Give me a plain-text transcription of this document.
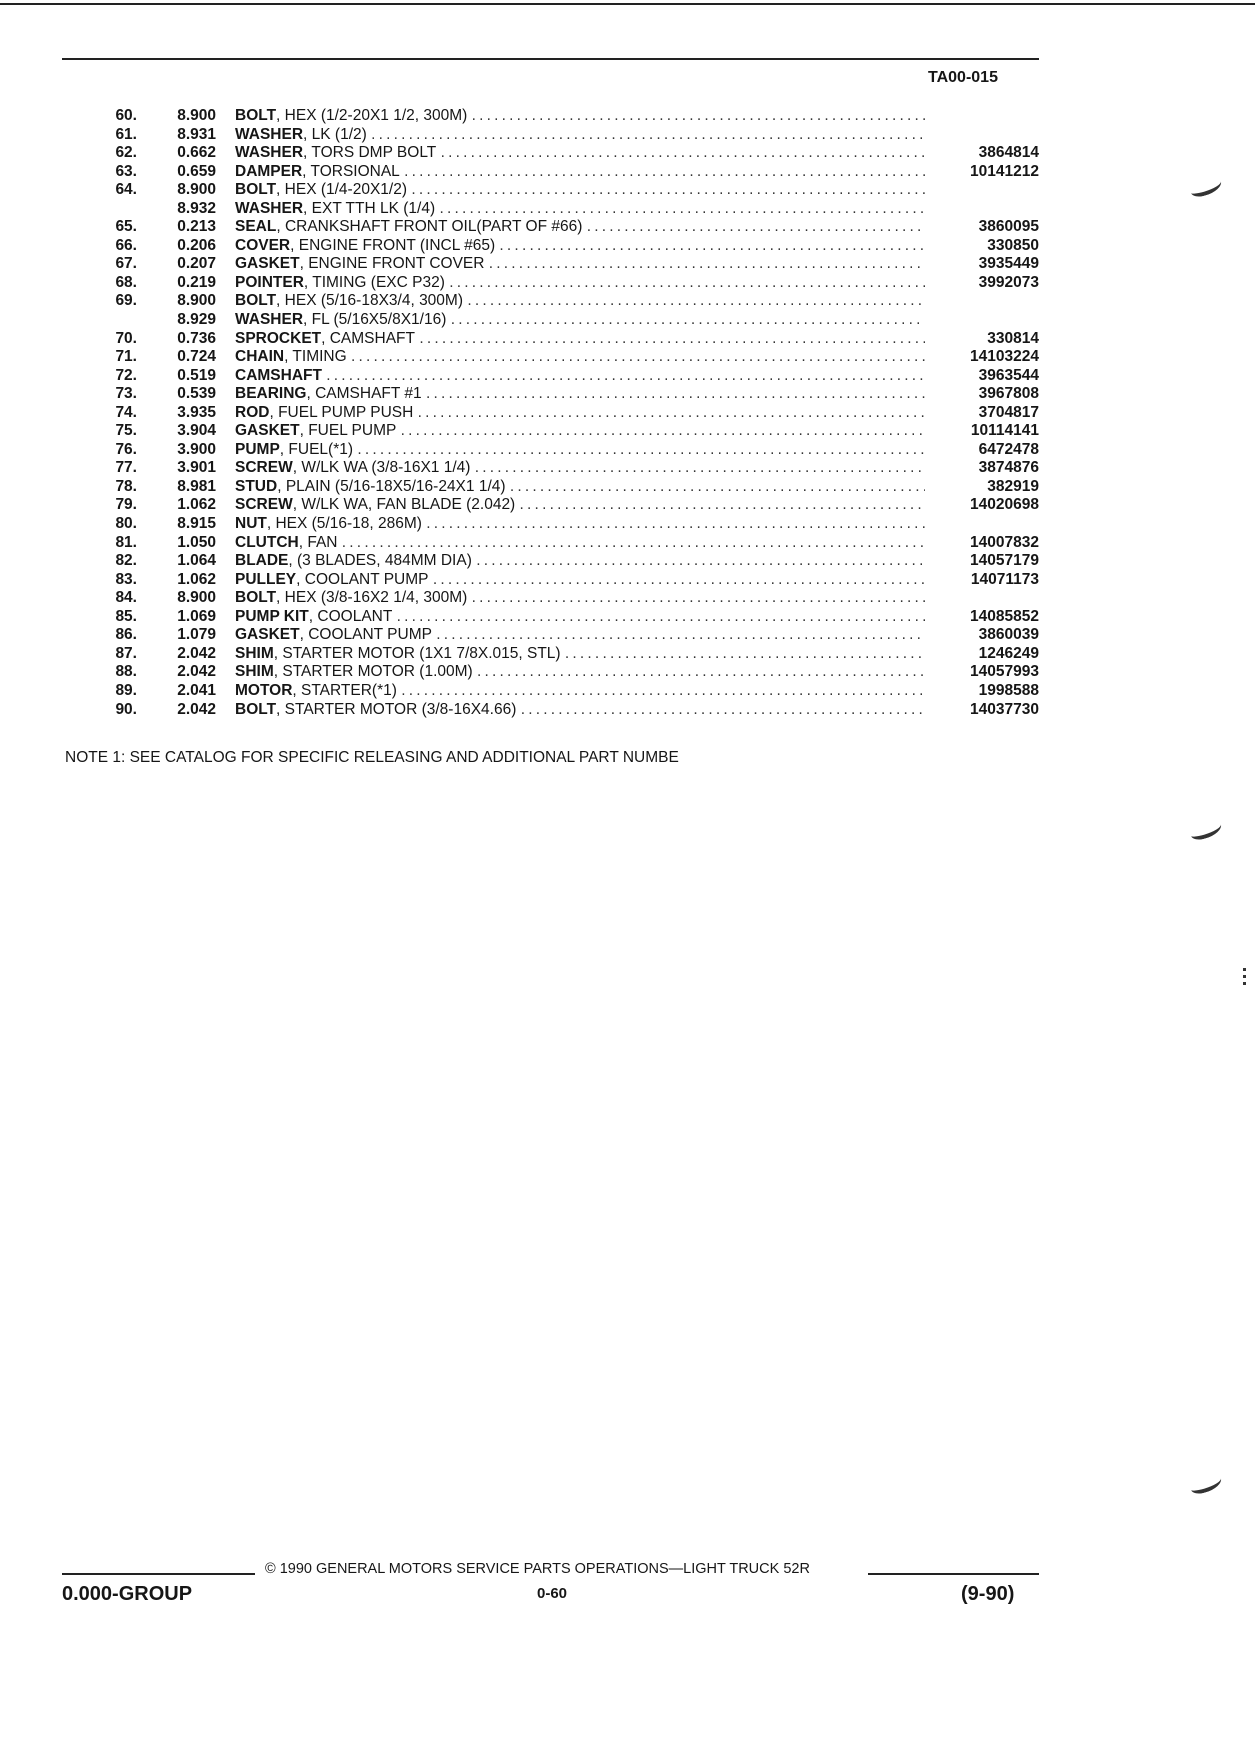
TA00-015
60.	8.900 BOLT, HEX (1/2-20X1 1/2, 300M)  .....
61.	8.931 WASHER, LK (1/2)  .....
62.	0.662 WASHER, TORS DMP BOLT  .....	3864814
63.	0.659 DAMPER, TORSIONAL  .....	10141212
64.	8.900 BOLT, HEX (1/4-20X1/2)  .....
8.932 WASHER, EXT TTH LK (1/4)  .....
65.	0.213 SEAL, CRANKSHAFT FRONT OIL(PART OF #66)  .....	3860095
66.	0.206 COVER, ENGINE FRONT (INCL #65)  .....	330850
67.	0.207 GASKET, ENGINE FRONT COVER  .....	3935449
68.	0.219 POINTER, TIMING (EXC P32)  .....	3992073
69.	8.900 BOLT, HEX (5/16-18X3/4, 300M)  .....
8.929 WASHER, FL (5/16X5/8X1/16)  .....
70.	0.736 SPROCKET, CAMSHAFT  .....	330814
71.	0.724 CHAIN, TIMING  .....	14103224
72.	0.519 CAMSHAFT  .....	3963544
73.	0.539 BEARING, CAMSHAFT #1  .....	3967808
74.	3.935 ROD, FUEL PUMP PUSH  .....	3704817
75.	3.904 GASKET, FUEL PUMP  .....	10114141
76.	3.900 PUMP, FUEL(*1)  .....	6472478
77.	3.901 SCREW, W/LK WA (3/8-16X1 1/4)  .....	3874876
78.	8.981 STUD, PLAIN (5/16-18X5/16-24X1 1/4)  .....	382919
79.	1.062 SCREW, W/LK WA, FAN BLADE (2.042)  .....	14020698
80.	8.915 NUT, HEX (5/16-18, 286M)  .....
81.	1.050 CLUTCH, FAN  .....	14007832
82.	1.064 BLADE, (3 BLADES, 484MM DIA)  .....	14057179
83.	1.062 PULLEY, COOLANT PUMP  .....	14071173
84.	8.900 BOLT, HEX (3/8-16X2 1/4, 300M)  .....
85.	1.069 PUMP KIT, COOLANT  .....	14085852
86.	1.079 GASKET, COOLANT PUMP  .....	3860039
87.	2.042 SHIM, STARTER MOTOR (1X1 7/8X.015, STL)  .....	1246249
88.	2.042 SHIM, STARTER MOTOR (1.00M)  .....	14057993
89.	2.041 MOTOR, STARTER(*1)  .....	1998588
90.	2.042 BOLT, STARTER MOTOR (3/8-16X4.66)  .....	14037730
NOTE 1: SEE CATALOG FOR SPECIFIC RELEASING AND ADDITIONAL PART NUMBE
© 1990 GENERAL MOTORS SERVICE PARTS OPERATIONS—LIGHT TRUCK 52R
0.000-GROUP	0-60	(9-90)
